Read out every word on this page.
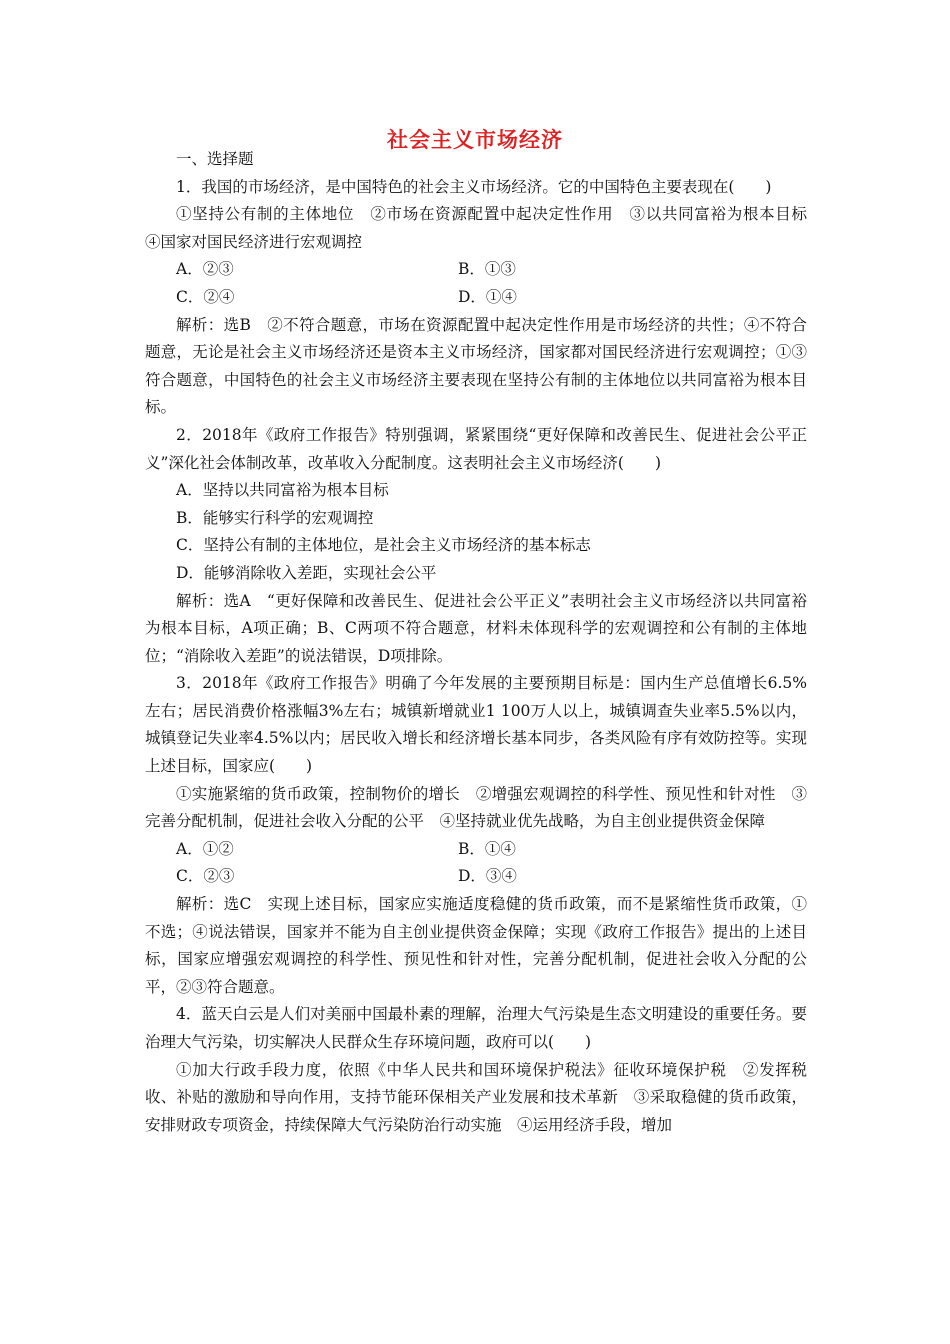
社会主义市场经济

一、选择题

1．我国的市场经济，是中国特色的社会主义市场经济。它的中国特色主要表现在(　　)

①坚持公有制的主体地位　②市场在资源配置中起决定性作用　③以共同富裕为根本目标　④国家对国民经济进行宏观调控

A．②③	B．①③
C．②④	D．①④

解析：选B　②不符合题意，市场在资源配置中起决定性作用是市场经济的共性；④不符合题意，无论是社会主义市场经济还是资本主义市场经济，国家都对国民经济进行宏观调控；①③符合题意，中国特色的社会主义市场经济主要表现在坚持公有制的主体地位以共同富裕为根本目标。

2．2018年《政府工作报告》特别强调，紧紧围绕“更好保障和改善民生、促进社会公平正义”深化社会体制改革，改革收入分配制度。这表明社会主义市场经济(　　)

A．坚持以共同富裕为根本目标

B．能够实行科学的宏观调控

C．坚持公有制的主体地位，是社会主义市场经济的基本标志

D．能够消除收入差距，实现社会公平

解析：选A　“更好保障和改善民生、促进社会公平正义”表明社会主义市场经济以共同富裕为根本目标，A项正确；B、C两项不符合题意，材料未体现科学的宏观调控和公有制的主体地位；“消除收入差距”的说法错误，D项排除。

3．2018年《政府工作报告》明确了今年发展的主要预期目标是：国内生产总值增长6.5%左右；居民消费价格涨幅3%左右；城镇新增就业1 100万人以上，城镇调查失业率5.5%以内，城镇登记失业率4.5%以内；居民收入增长和经济增长基本同步，各类风险有序有效防控等。实现上述目标，国家应(　　)

①实施紧缩的货币政策，控制物价的增长　②增强宏观调控的科学性、预见性和针对性　③完善分配机制，促进社会收入分配的公平　④坚持就业优先战略，为自主创业提供资金保障

A．①②	B．①④
C．②③	D．③④

解析：选C　实现上述目标，国家应实施适度稳健的货币政策，而不是紧缩性货币政策，①不选；④说法错误，国家并不能为自主创业提供资金保障；实现《政府工作报告》提出的上述目标，国家应增强宏观调控的科学性、预见性和针对性，完善分配机制，促进社会收入分配的公平，②③符合题意。

4．蓝天白云是人们对美丽中国最朴素的理解，治理大气污染是生态文明建设的重要任务。要治理大气污染，切实解决人民群众生存环境问题，政府可以(　　)

①加大行政手段力度，依照《中华人民共和国环境保护税法》征收环境保护税　②发挥税收、补贴的激励和导向作用，支持节能环保相关产业发展和技术革新　③采取稳健的货币政策，安排财政专项资金，持续保障大气污染防治行动实施　④运用经济手段，增加
